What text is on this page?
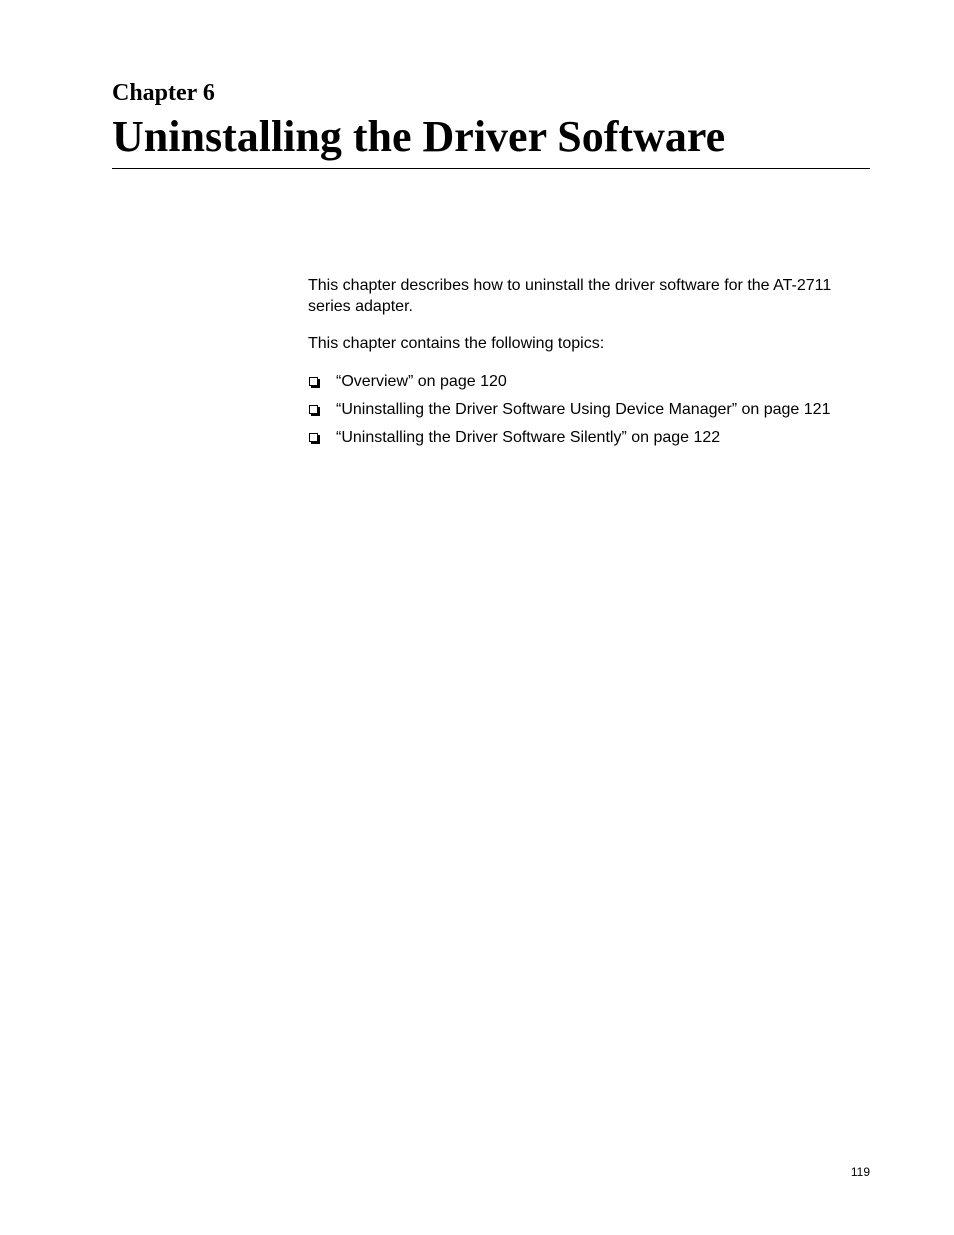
Chapter 6
Uninstalling the Driver Software

This chapter describes how to uninstall the driver software for the AT-2711 series adapter.

This chapter contains the following topics:

“Overview” on page 120
“Uninstalling the Driver Software Using Device Manager” on page 121
“Uninstalling the Driver Software Silently” on page 122
119
